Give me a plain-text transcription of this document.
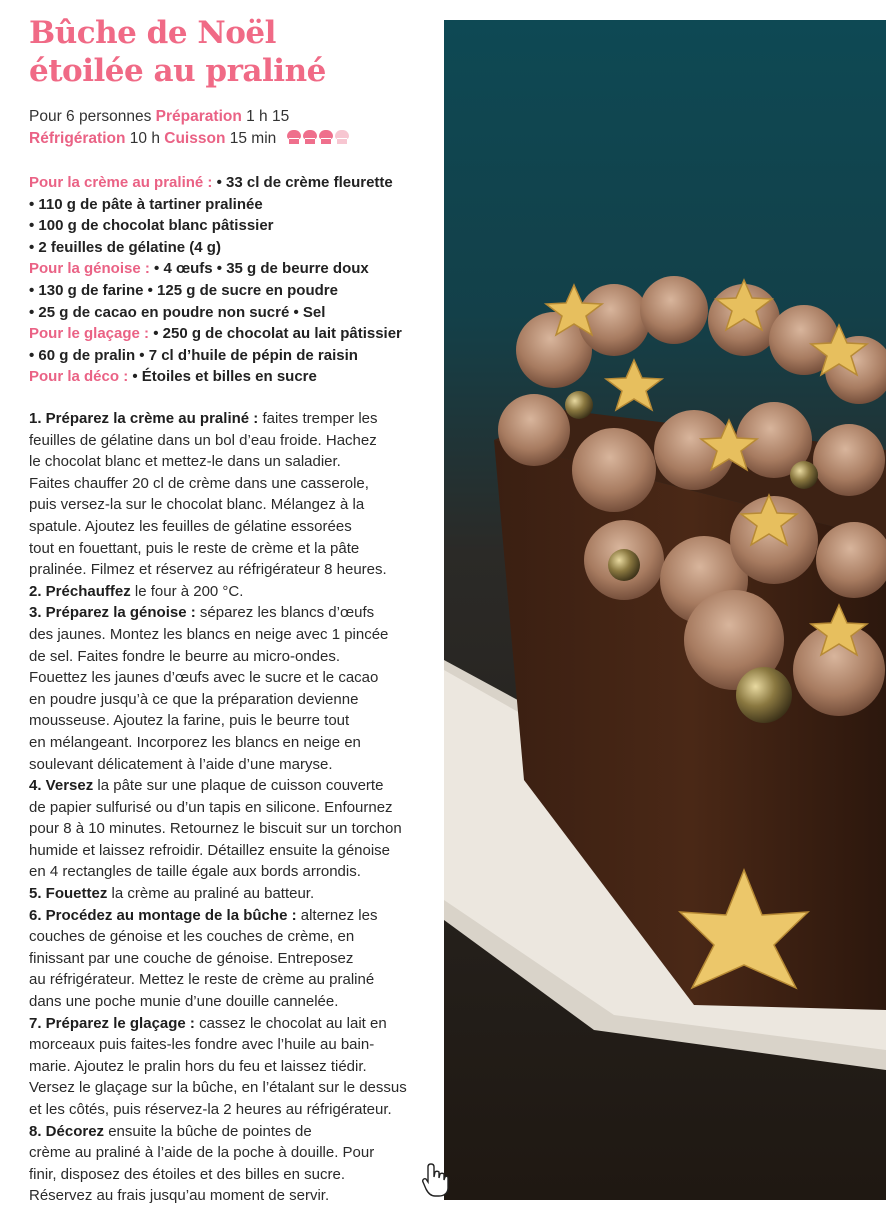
Bûche de Noël
étoilée au praliné
Pour 6 personnes Préparation 1 h 15
Réfrigération 10 h Cuisson 15 min
Pour la crème au praliné : • 33 cl de crème fleurette
• 110 g de pâte à tartiner pralinée
• 100 g de chocolat blanc pâtissier
• 2 feuilles de gélatine (4 g)
Pour la génoise : • 4 œufs • 35 g de beurre doux
• 130 g de farine • 125 g de sucre en poudre
• 25 g de cacao en poudre non sucré • Sel
Pour le glaçage : • 250 g de chocolat au lait pâtissier
• 60 g de pralin • 7 cl d’huile de pépin de raisin
Pour la déco : • Étoiles et billes en sucre
1. Préparez la crème au praliné : faites tremper les
feuilles de gélatine dans un bol d’eau froide. Hachez
le chocolat blanc et mettez-le dans un saladier.
Faites chauffer 20 cl de crème dans une casserole,
puis versez-la sur le chocolat blanc. Mélangez à la
spatule. Ajoutez les feuilles de gélatine essorées
tout en fouettant, puis le reste de crème et la pâte
pralinée. Filmez et réservez au réfrigérateur 8 heures.
2. Préchauffez le four à 200 °C.
3. Préparez la génoise : séparez les blancs d’œufs
des jaunes. Montez les blancs en neige avec 1 pincée
de sel. Faites fondre le beurre au micro-ondes.
Fouettez les jaunes d’œufs avec le sucre et le cacao
en poudre jusqu’à ce que la préparation devienne
mousseuse. Ajoutez la farine, puis le beurre tout
en mélangeant. Incorporez les blancs en neige en
soulevant délicatement à l’aide d’une maryse.
4. Versez la pâte sur une plaque de cuisson couverte
de papier sulfurisé ou d’un tapis en silicone. Enfournez
pour 8 à 10 minutes. Retournez le biscuit sur un torchon
humide et laissez refroidir. Détaillez ensuite la génoise
en 4 rectangles de taille égale aux bords arrondis.
5. Fouettez la crème au praliné au batteur.
6. Procédez au montage de la bûche : alternez les
couches de génoise et les couches de crème, en
finissant par une couche de génoise. Entreposez
au réfrigérateur. Mettez le reste de crème au praliné
dans une poche munie d’une douille cannelée.
7. Préparez le glaçage : cassez le chocolat au lait en
morceaux puis faites-les fondre avec l’huile au bain-
marie. Ajoutez le pralin hors du feu et laissez tiédir.
Versez le glaçage sur la bûche, en l’étalant sur le dessus
et les côtés, puis réservez-la 2 heures au réfrigérateur.
8. Décorez ensuite la bûche de pointes de
crème au praliné à l’aide de la poche à douille. Pour
finir, disposez des étoiles et des billes en sucre.
Réservez au frais jusqu’au moment de servir.
